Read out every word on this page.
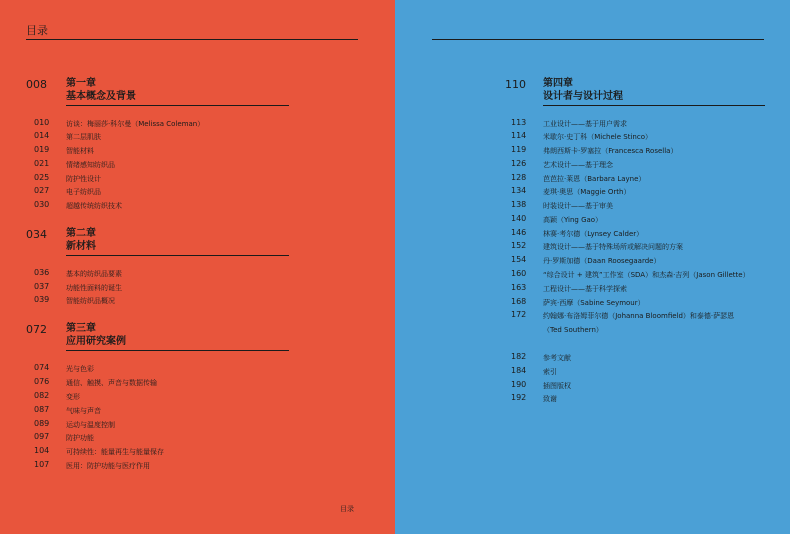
目录
008 第一章
基本概念及背景
010 访谈：梅丽莎·科尔曼（Melissa Coleman）
014 第二层肌肤
019 智能材料
021 情绪感知纺织品
025 防护性设计
027 电子纺织品
030 超越传统纺织技术
034 第二章
新材料
036 基本的纺织品要素
037 功能性面料的诞生
039 智能纺织品概况
072 第三章
应用研究案例
074 光与色彩
076 通信、触摸、声音与数据传输
082 变形
087 气味与声音
089 运动与温度控制
097 防护功能
104 可持续性：能量再生与能量保存
107 医用：防护功能与医疗作用
目录
110 第四章
设计者与设计过程
113 工业设计——基于用户需求
114 米歇尔·史丁科（Michele Stinco）
119 弗朗西斯卡·罗塞拉（Francesca Rosella）
126 艺术设计——基于理念
128 芭芭拉·莱恩（Barbara Layne）
134 麦琪·奥思（Maggie Orth）
138 时装设计——基于审美
140 高颖（Ying Gao）
146 林赛·考尔德（Lynsey Calder）
152 建筑设计——基于特殊场所或解决问题的方案
154 丹·罗斯加德（Daan Roosegaarde）
160 “综合设计 + 建筑”工作室（SDA）和杰森·吉列（Jason Gillette）
163 工程设计——基于科学探索
168 萨宾·西摩（Sabine Seymour）
172 约翰娜·布洛姆菲尔德（Johanna Bloomfield）和泰德·萨瑟恩
（Ted Southern）
182 参考文献
184 索引
190 插图版权
192 致谢
